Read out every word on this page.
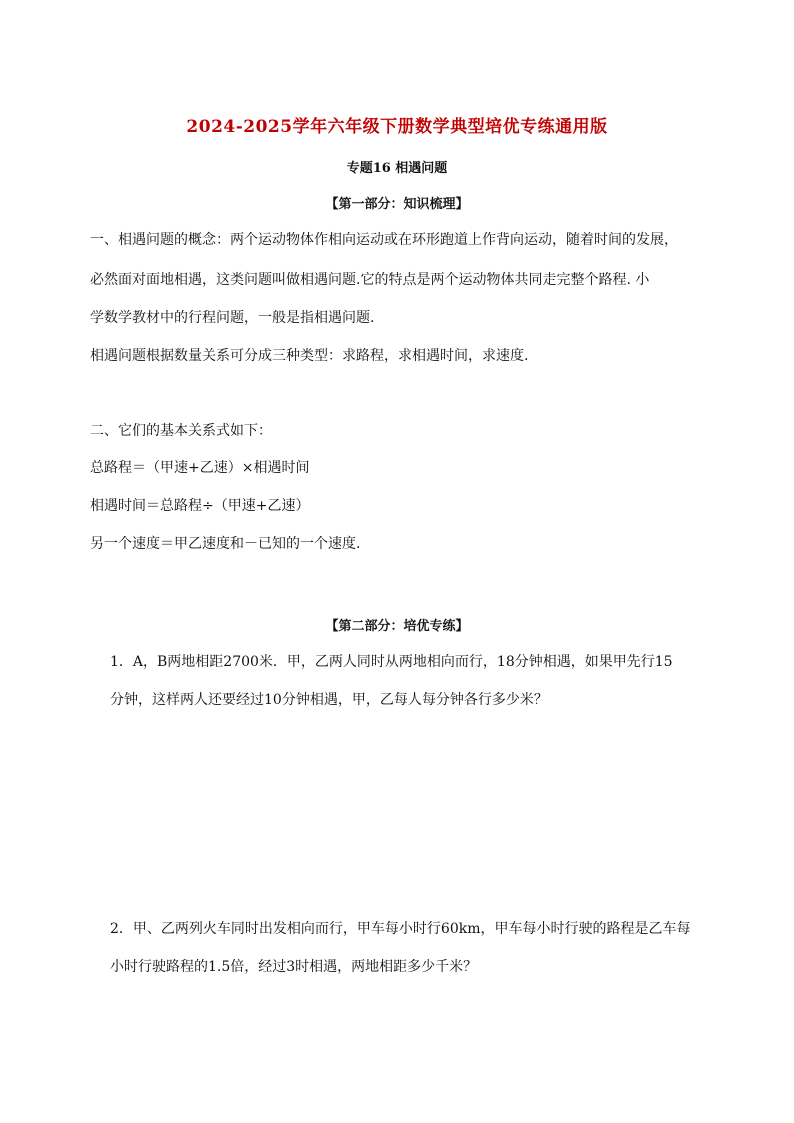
2024-2025学年六年级下册数学典型培优专练通用版
专题16 相遇问题
【第一部分：知识梳理】
一、相遇问题的概念：两个运动物体作相向运动或在环形跑道上作背向运动，随着时间的发展，
必然面对面地相遇，这类问题叫做相遇问题.它的特点是两个运动物体共同走完整个路程. 小
学数学教材中的行程问题，一般是指相遇问题.
相遇问题根据数量关系可分成三种类型：求路程，求相遇时间，求速度.
二、它们的基本关系式如下：
总路程＝（甲速+乙速）×相遇时间
相遇时间＝总路程÷（甲速+乙速）
另一个速度＝甲乙速度和－已知的一个速度.
【第二部分：培优专练】
1．A，B两地相距2700米．甲，乙两人同时从两地相向而行，18分钟相遇，如果甲先行15
分钟，这样两人还要经过10分钟相遇，甲，乙每人每分钟各行多少米？
2．甲、乙两列火车同时出发相向而行，甲车每小时行60km，甲车每小时行驶的路程是乙车每
小时行驶路程的1.5倍，经过3时相遇，两地相距多少千米？
